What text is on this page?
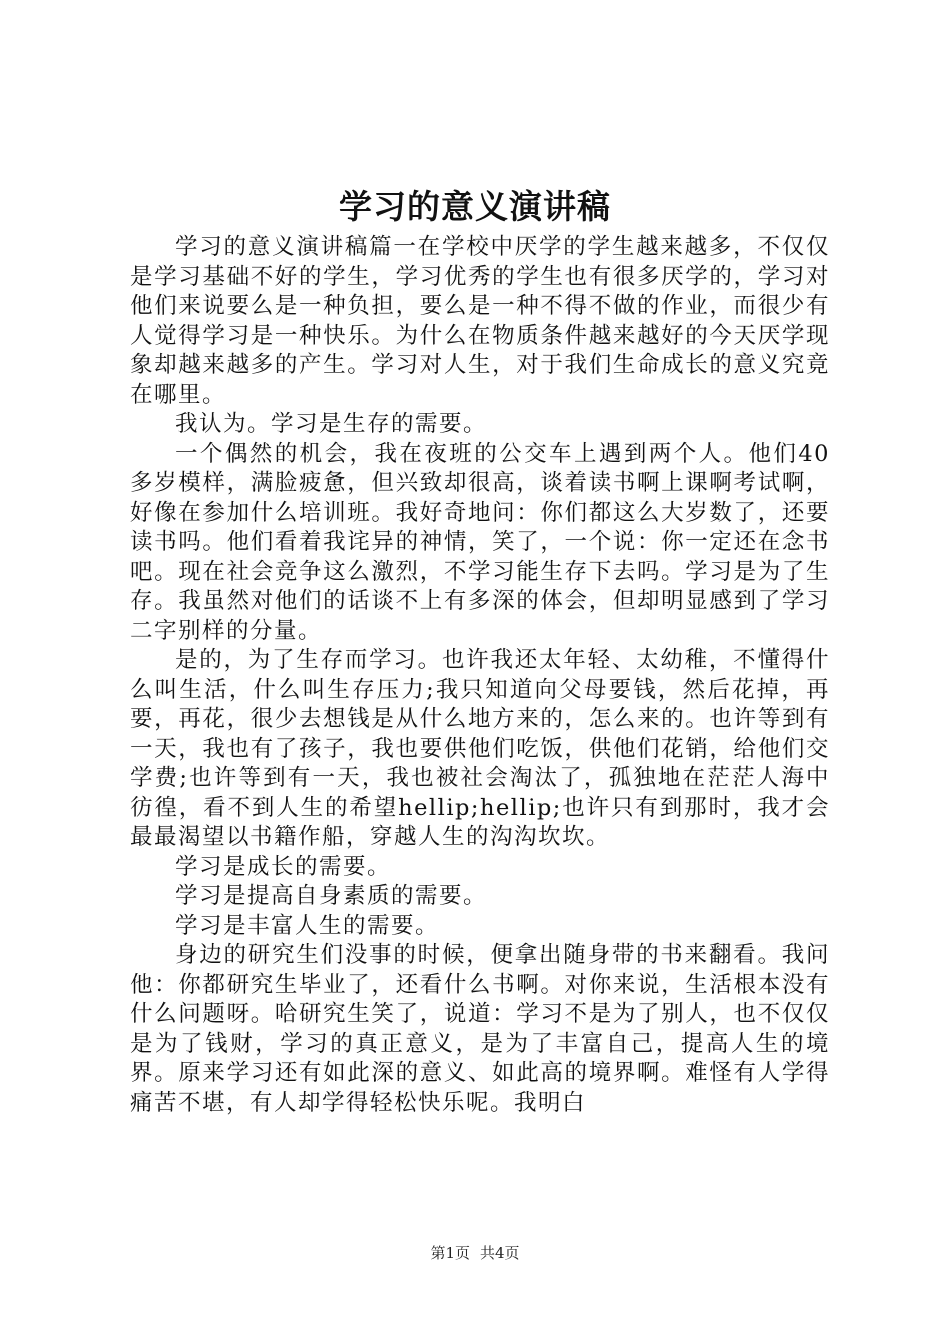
学习的意义演讲稿

学习的意义演讲稿篇一在学校中厌学的学生越来越多，不仅仅是学习基础不好的学生，学习优秀的学生也有很多厌学的，学习对他们来说要么是一种负担，要么是一种不得不做的作业，而很少有人觉得学习是一种快乐。为什么在物质条件越来越好的今天厌学现象却越来越多的产生。学习对人生，对于我们生命成长的意义究竟在哪里。

我认为。学习是生存的需要。

一个偶然的机会，我在夜班的公交车上遇到两个人。他们40多岁模样，满脸疲惫，但兴致却很高，谈着读书啊上课啊考试啊，好像在参加什么培训班。我好奇地问：你们都这么大岁数了，还要读书吗。他们看着我诧异的神情，笑了，一个说：你一定还在念书吧。现在社会竞争这么激烈，不学习能生存下去吗。学习是为了生存。我虽然对他们的话谈不上有多深的体会，但却明显感到了学习二字别样的分量。

是的，为了生存而学习。也许我还太年轻、太幼稚，不懂得什么叫生活，什么叫生存压力;我只知道向父母要钱，然后花掉，再要，再花，很少去想钱是从什么地方来的，怎么来的。也许等到有一天，我也有了孩子，我也要供他们吃饭，供他们花销，给他们交学费;也许等到有一天，我也被社会淘汰了，孤独地在茫茫人海中彷徨，看不到人生的希望hellip;hellip;也许只有到那时，我才会最最渴望以书籍作船，穿越人生的沟沟坎坎。

学习是成长的需要。

学习是提高自身素质的需要。

学习是丰富人生的需要。

身边的研究生们没事的时候，便拿出随身带的书来翻看。我问他：你都研究生毕业了，还看什么书啊。对你来说，生活根本没有什么问题呀。哈研究生笑了，说道：学习不是为了别人，也不仅仅是为了钱财，学习的真正意义，是为了丰富自己，提高人生的境界。原来学习还有如此深的意义、如此高的境界啊。难怪有人学得痛苦不堪，有人却学得轻松快乐呢。我明白

第1页 共4页
